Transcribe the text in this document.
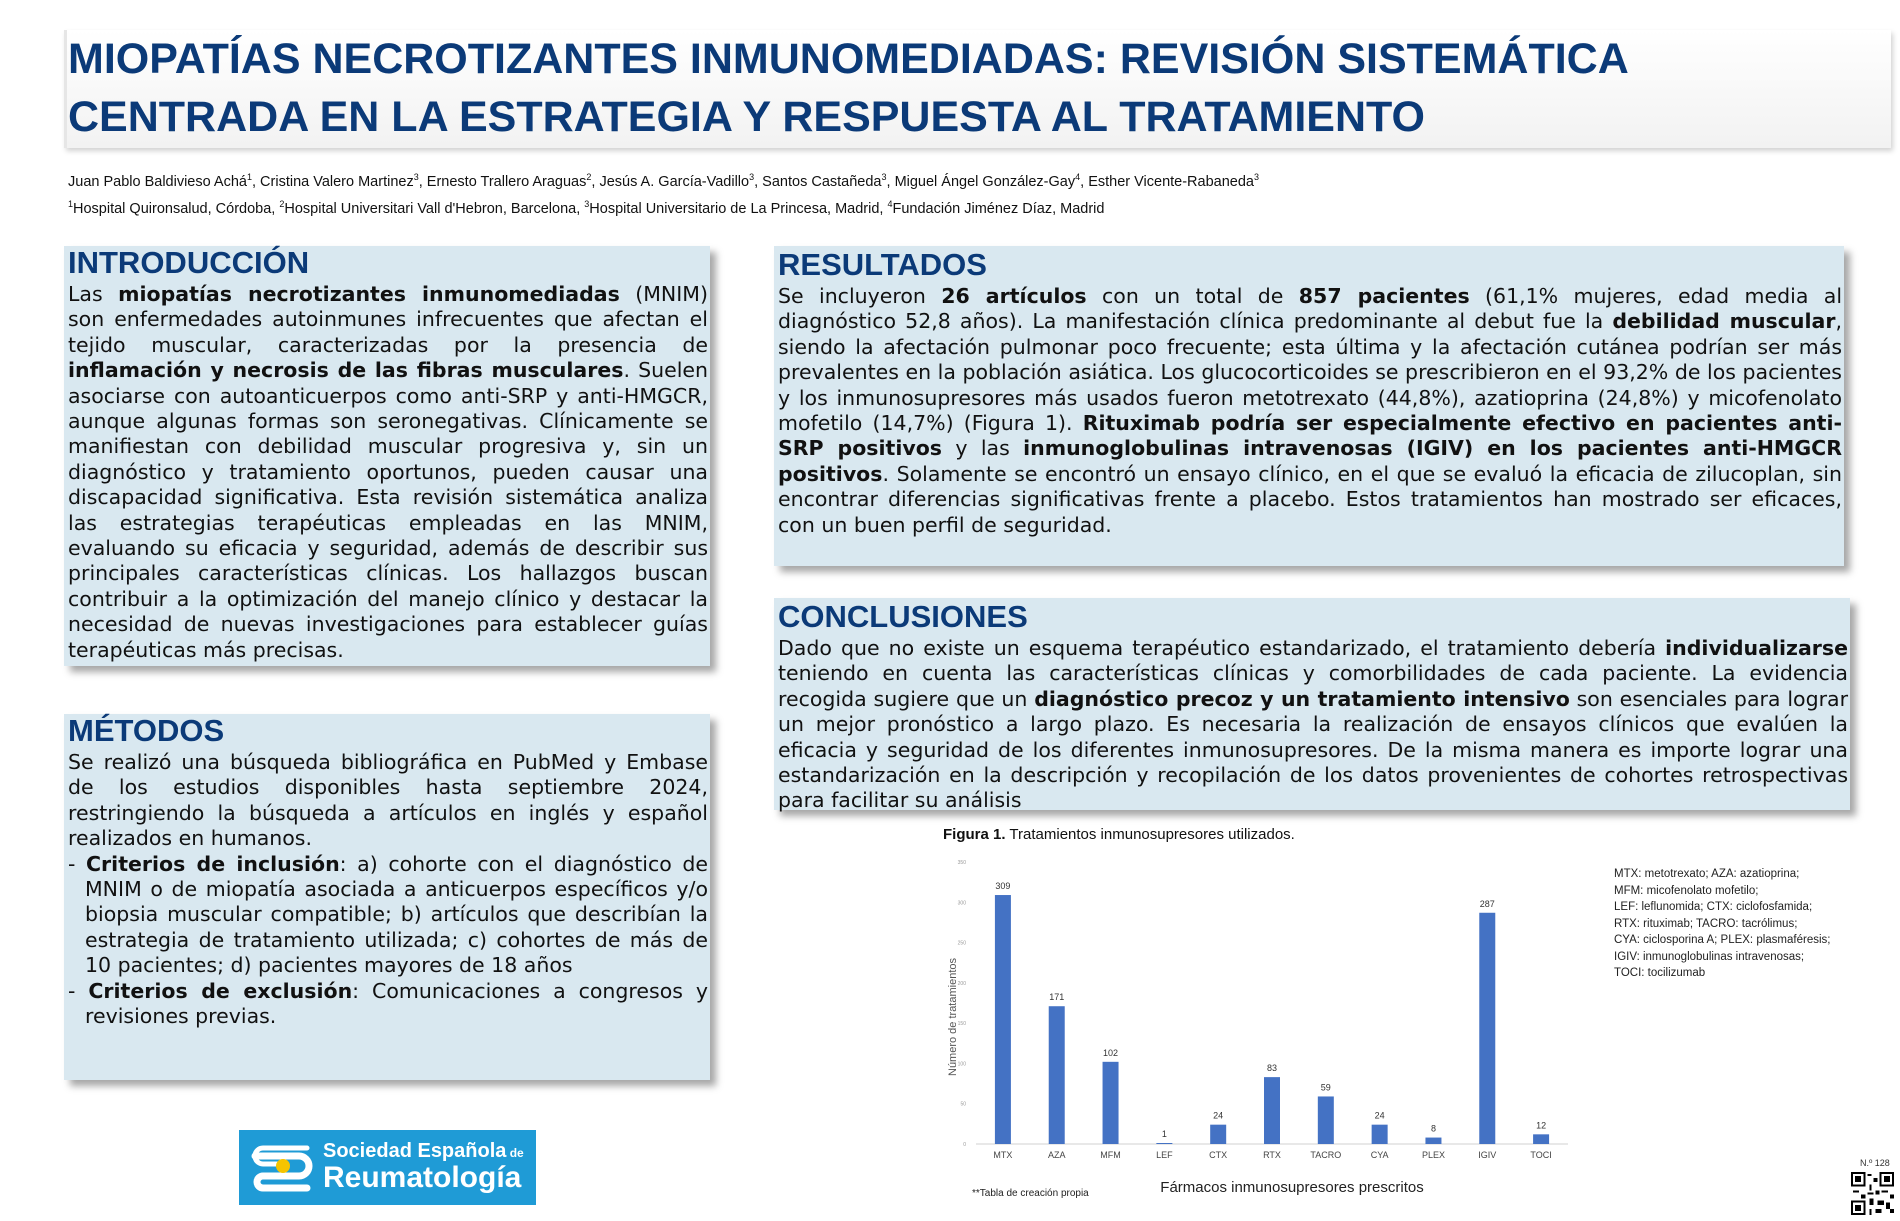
MIOPATÍAS NECROTIZANTES INMUNOMEDIADAS: REVISIÓN SISTEMÁTICA CENTRADA EN LA ESTRATEGIA Y RESPUESTA AL TRATAMIENTO
Juan Pablo Baldivieso Achá$^1$, Cristina Valero Martinez$^3$, Ernesto Trallero Araguas$^2$, Jesús A. García-Vadillo$^3$, Santos Castañeda$^3$, Miguel Ángel González-Gay$^4$, Esther Vicente-Rabaneda$^3$
$^1$Hospital Quironsalud, Córdoba, $^2$Hospital Universitari Vall d'Hebron, Barcelona, $^3$Hospital Universitario de La Princesa, Madrid, $^4$Fundación Jiménez Díaz, Madrid
INTRODUCCIÓN

Las miopatías necrotizantes inmunomediadas (MNIM) son enfermedades autoinmunes infrecuentes que afectan el tejido muscular, caracterizadas por la presencia de inflamación y necrosis de las fibras musculares. Suelen asociarse con autoanticuerpos como anti-SRP y anti-HMGCR, aunque algunas formas son seronegativas. Clínicamente se manifiestan con debilidad muscular progresiva y, sin un diagnóstico y tratamiento oportunos, pueden causar una discapacidad significativa. Esta revisión sistemática analiza las estrategias terapéuticas empleadas en las MNIM, evaluando su eficacia y seguridad, además de describir sus principales características clínicas. Los hallazgos buscan contribuir a la optimización del manejo clínico y destacar la necesidad de nuevas investigaciones para establecer guías terapéuticas más precisas.

MÉTODOS
Se realizó una búsqueda bibliográfica en PubMed y Embase de los estudios disponibles hasta septiembre 2024, restringiendo la búsqueda a artículos en inglés y español realizados en humanos.
- Criterios de inclusión: a) cohorte con el diagnóstico de MNIM o de miopatía asociada a anticuerpos específicos y/o biopsia muscular compatible; b) artículos que describían la estrategia de tratamiento utilizada; c) cohortes de más de 10 pacientes; d) pacientes mayores de 18 años
- Criterios de exclusión: Comunicaciones a congresos y revisiones previas.
RESULTADOS

Se incluyeron 26 artículos con un total de 857 pacientes (61,1% mujeres, edad media al diagnóstico 52,8 años). La manifestación clínica predominante al debut fue la debilidad muscular, siendo la afectación pulmonar poco frecuente; esta última y la afectación cutánea podrían ser más prevalentes en la población asiática. Los glucocorticoides se prescribieron en el 93,2% de los pacientes y los inmunosupresores más usados fueron metotrexato (44,8%), azatioprina (24,8%) y micofenolato mofetilo (14,7%) (Figura 1). Rituximab podría ser especialmente efectivo en pacientes anti-SRP positivos y las inmunoglobulinas intravenosas (IGIV) en los pacientes anti-HMGCR positivos. Solamente se encontró un ensayo clínico, en el que se evaluó la eficacia de zilucoplan, sin encontrar diferencias significativas frente a placebo. Estos tratamientos han mostrado ser eficaces, con un buen perfil de seguridad.

CONCLUSIONES

Dado que no existe un esquema terapéutico estandarizado, el tratamiento debería individualizarse teniendo en cuenta las características clínicas y comorbilidades de cada paciente. La evidencia recogida sugiere que un diagnóstico precoz y un tratamiento intensivo son esenciales para lograr un mejor pronóstico a largo plazo. Es necesaria la realización de ensayos clínicos que evalúen la eficacia y seguridad de los diferentes inmunosupresores. De la misma manera es importe lograr una estandarización en la descripción y recopilación de los datos provenientes de cohortes retrospectivas para facilitar su análisis

Figura 1. Tratamientos inmunosupresores utilizados.
0
50
100
150
200
250
300
350
309
171
102
1
24
83
59
24
8
287
12
MTX	AZA	MFM	LEF	CTX	RTX	TACRO	CYA	PLEX	IGIV	TOCI
Número de tratamientos
Fármacos inmunosupresores prescritos
MTX: metotrexato; AZA: azatioprina;
MFM: micofenolato mofetilo;
LEF: leflunomida; CTX: ciclofosfamida;
RTX: rituximab; TACRO: tacrólimus;
CYA: ciclosporina A; PLEX: plasmaféresis;
IGIV: inmunoglobulinas intravenosas;
TOCI: tocilizumab
**Tabla de creación propia
Sociedad Española de
Reumatología	N.º 128
